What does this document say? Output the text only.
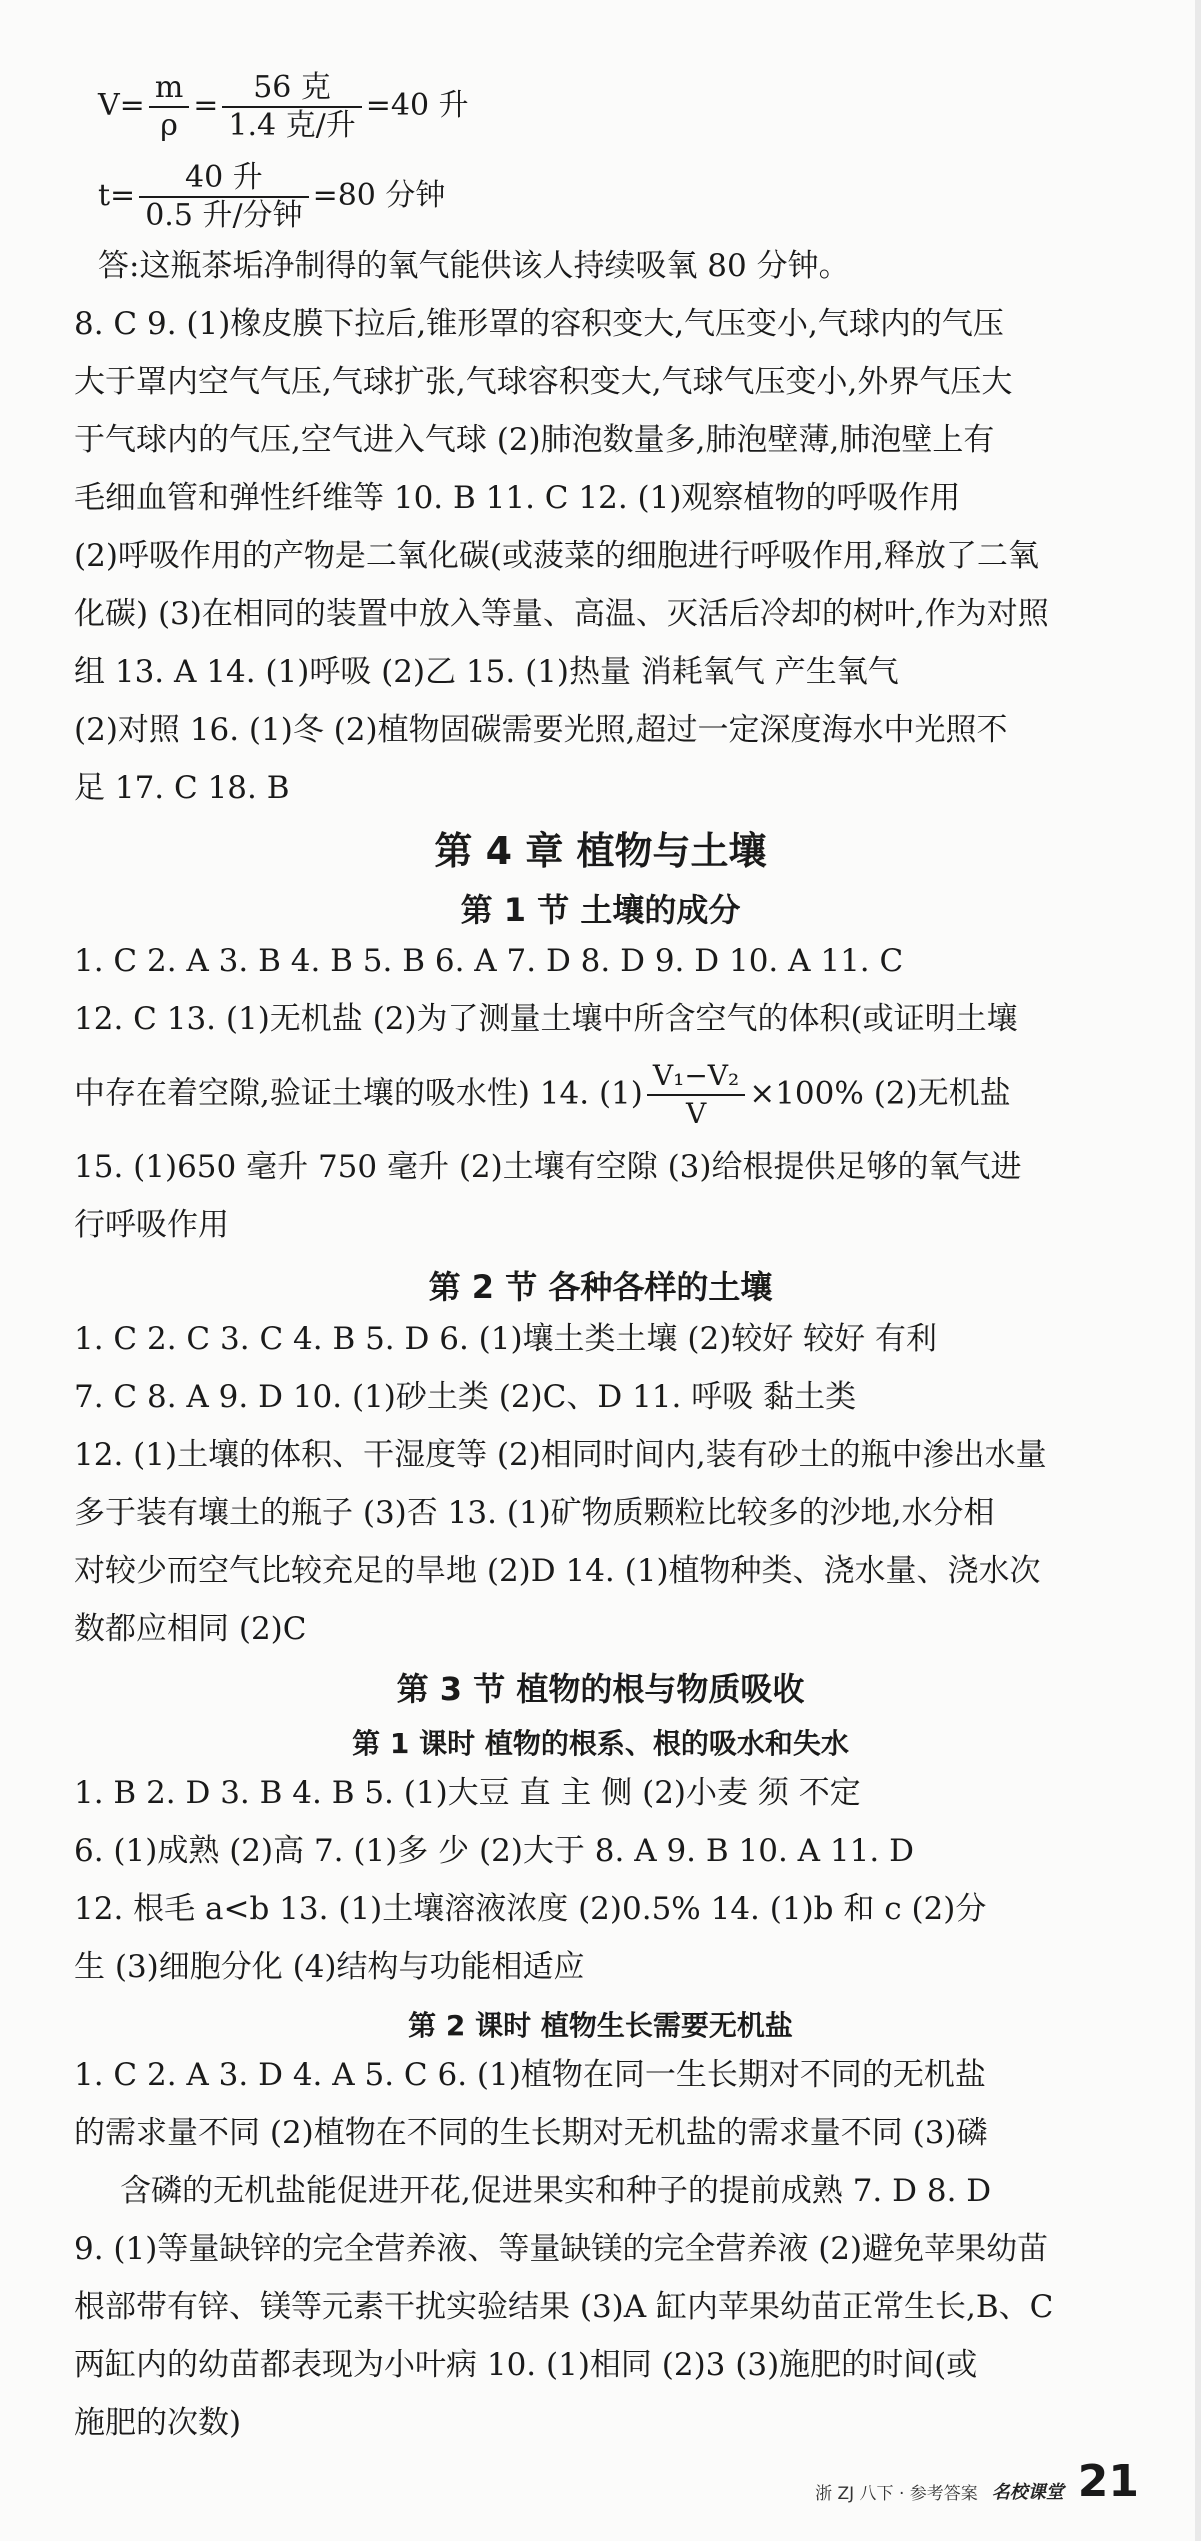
$V= \frac{m}{\rho} = \frac{\text{56 克}}{\text{1.4 克/升}} =40$ 升
$t= \frac{\text{40 升}}{\text{0.5 升/分钟}} =80$ 分钟
答:这瓶茶垢净制得的氧气能供该人持续吸氧 80 分钟。
8. C 9. (1)橡皮膜下拉后,锥形罩的容积变大,气压变小,气球内的气压
大于罩内空气气压,气球扩张,气球容积变大,气球气压变小,外界气压大
于气球内的气压,空气进入气球 (2)肺泡数量多,肺泡壁薄,肺泡壁上有
毛细血管和弹性纤维等 10. B 11. C 12. (1)观察植物的呼吸作用
(2)呼吸作用的产物是二氧化碳(或菠菜的细胞进行呼吸作用,释放了二氧
化碳) (3)在相同的装置中放入等量、高温、灭活后冷却的树叶,作为对照
组 13. A 14. (1)呼吸 (2)乙 15. (1)热量 消耗氧气 产生氧气
(2)对照 16. (1)冬 (2)植物固碳需要光照,超过一定深度海水中光照不
足 17. C 18. B
第 4 章 植物与土壤
第 1 节 土壤的成分
1. C 2. A 3. B 4. B 5. B 6. A 7. D 8. D 9. D 10. A 11. C
12. C 13. (1)无机盐 (2)为了测量土壤中所含空气的体积(或证明土壤
中存在着空隙,验证土壤的吸水性) 14. $(1) \frac{\text{V₁−V₂}}{V} \times 100\%$ (2)无机盐
15. (1)650 毫升 750 毫升 (2)土壤有空隙 (3)给根提供足够的氧气进
行呼吸作用
第 2 节 各种各样的土壤
1. C 2. C 3. C 4. B 5. D 6. (1)壤土类土壤 (2)较好 较好 有利
7. C 8. A 9. D 10. (1)砂土类 (2)C、D 11. 呼吸 黏土类
12. (1)土壤的体积、干湿度等 (2)相同时间内,装有砂土的瓶中渗出水量
多于装有壤土的瓶子 (3)否 13. (1)矿物质颗粒比较多的沙地,水分相
对较少而空气比较充足的旱地 (2)D 14. (1)植物种类、浇水量、浇水次
数都应相同 (2)C
第 3 节 植物的根与物质吸收
第 1 课时 植物的根系、根的吸水和失水
1. B 2. D 3. B 4. B 5. (1)大豆 直 主 侧 (2)小麦 须 不定
6. (1)成熟 (2)高 7. (1)多 少 (2)大于 8. A 9. B 10. A 11. D
12. 根毛 a<b 13. (1)土壤溶液浓度 (2)0.5% 14. (1)b 和 c (2)分
生 (3)细胞分化 (4)结构与功能相适应
第 2 课时 植物生长需要无机盐
1. C 2. A 3. D 4. A 5. C 6. (1)植物在同一生长期对不同的无机盐
的需求量不同 (2)植物在不同的生长期对无机盐的需求量不同 (3)磷
含磷的无机盐能促进开花,促进果实和种子的提前成熟 7. D 8. D
9. (1)等量缺锌的完全营养液、等量缺镁的完全营养液 (2)避免苹果幼苗
根部带有锌、镁等元素干扰实验结果 (3)A 缸内苹果幼苗正常生长,B、C
两缸内的幼苗都表现为小叶病 10. (1)相同 (2)3 (3)施肥的时间(或
施肥的次数)
浙 ZJ 八下 · 参考答案 名校课堂 21
